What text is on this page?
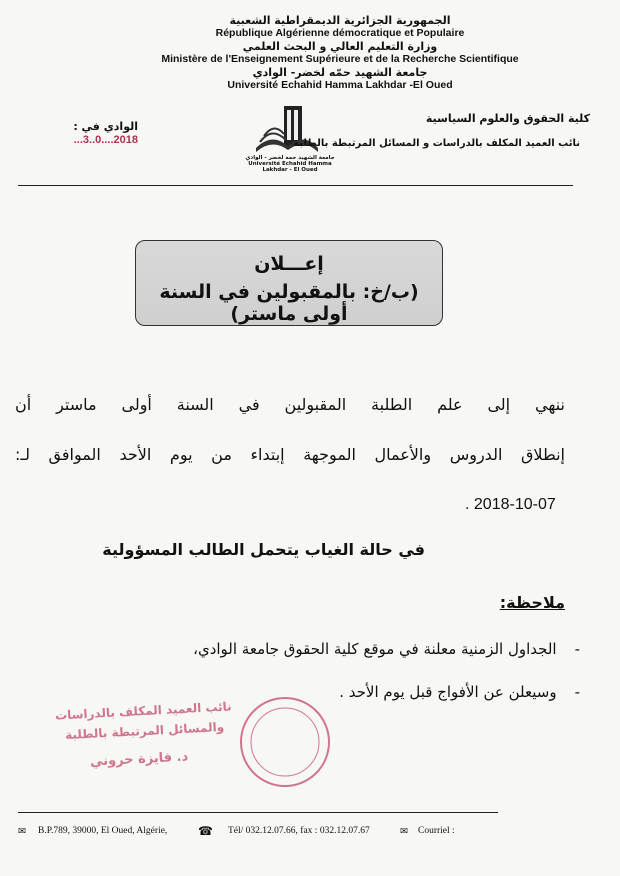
الجمهورية الجزائرية الديمقراطية الشعبية
République Algérienne démocratique et Populaire
وزارة التعليم العالي و البحث العلمي
Ministère de l'Enseignement Supérieure et de la Recherche Scientifique
جامعة الشهيد حمّه لخضر- الوادي
Université Echahid Hamma Lakhdar -El Oued
الوادي في : 2018....0..3...
جامعة الشهيد حمه لخضر - الوادي Université Echahid Hamma Lakhdar - El Oued
كلية الحقوق والعلوم السياسية
نائب العميد المكلف بالدراسات و المسائل المرتبطة بالطلبة
إعـــلان
(ب/خ: بالمقبولين في السنة أولى ماستر)
ننهي إلى علم الطلبة المقبولين في السنة أولى ماستر أن
إنطلاق الدروس والأعمال الموجهة إبتداء من يوم الأحد الموافق لـ:
. 2018-10-07
في حالة الغياب يتحمل الطالب المسؤولية
ملاحظة:
- الجداول الزمنية معلنة في موقع كلية الحقوق جامعة الوادي،
- وسيعلن عن الأفواج قبل يوم الأحد .
نائب العميد المكلف بالدراسات
والمسائل المرتبطة بالطلبة
د. فايزة حروني
✉ B.P.789, 39000, El Oued, Algérie,	☎ Tél/ 032.12.07.66, fax : 032.12.07.67	✉ Courriel :
